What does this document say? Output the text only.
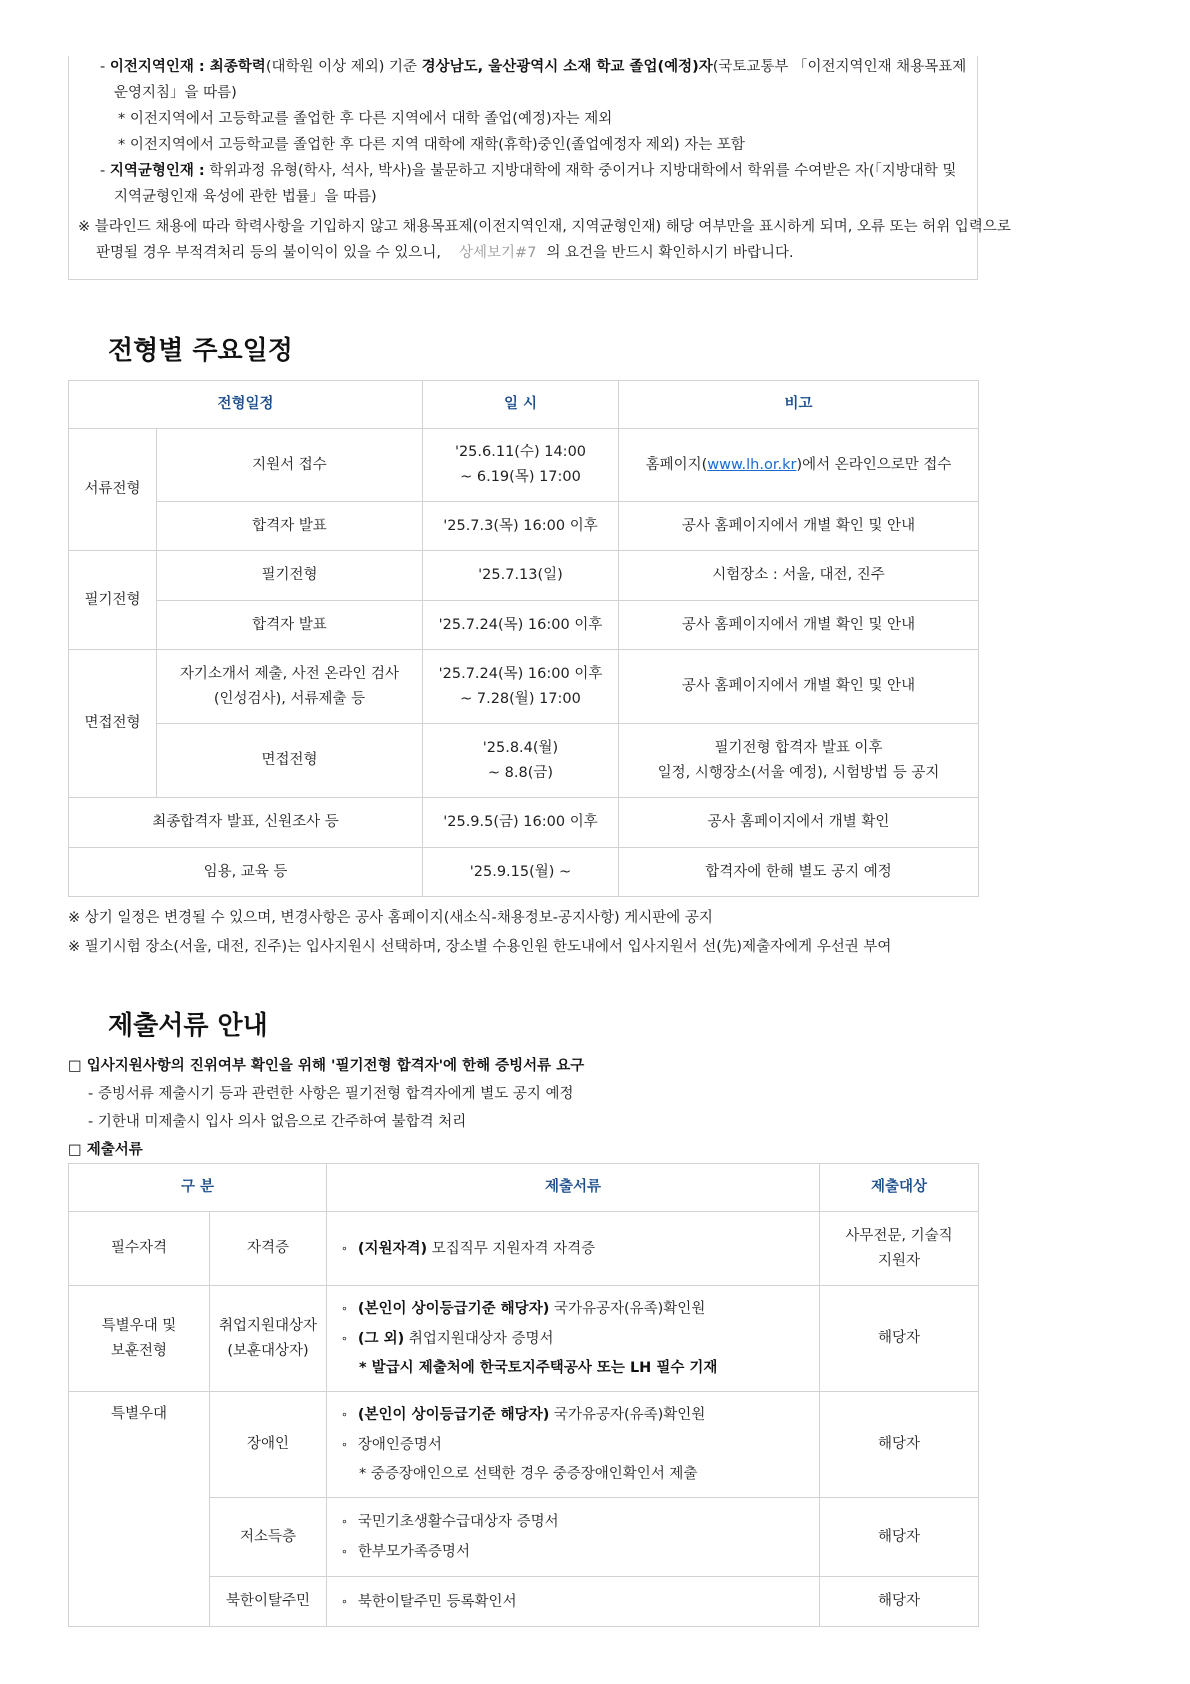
- 이전지역인재 : 최종학력(대학원 이상 제외) 기준 경상남도, 울산광역시 소재 학교 졸업(예정)자(국토교통부 「이전지역인재 채용목표제
운영지침」을 따름)
* 이전지역에서 고등학교를 졸업한 후 다른 지역에서 대학 졸업(예정)자는 제외
* 이전지역에서 고등학교를 졸업한 후 다른 지역 대학에 재학(휴학)중인(졸업예정자 제외) 자는 포함
- 지역균형인재 : 학위과정 유형(학사, 석사, 박사)을 불문하고 지방대학에 재학 중이거나 지방대학에서 학위를 수여받은 자(「지방대학 및
지역균형인재 육성에 관한 법률」을 따름)
※ 블라인드 채용에 따라 학력사항을 기입하지 않고 채용목표제(이전지역인재, 지역균형인재) 해당 여부만을 표시하게 되며, 오류 또는 허위 입력으로
판명될 경우 부적격처리 등의 불이익이 있을 수 있으니, 상세보기#7 의 요건을 반드시 확인하시기 바랍니다.
전형별 주요일정
전형일정		일 시	비고
서류전형	지원서 접수	'25.6.11(수) 14:00
~ 6.19(목) 17:00	홈페이지(www.lh.or.kr)에서 온라인으로만 접수
	합격자 발표	'25.7.3(목) 16:00 이후	공사 홈페이지에서 개별 확인 및 안내
필기전형	필기전형	'25.7.13(일)	시험장소 : 서울, 대전, 진주
	합격자 발표	'25.7.24(목) 16:00 이후	공사 홈페이지에서 개별 확인 및 안내
면접전형	자기소개서 제출, 사전 온라인 검사
(인성검사), 서류제출 등	'25.7.24(목) 16:00 이후
~ 7.28(월) 17:00	공사 홈페이지에서 개별 확인 및 안내
	면접전형	'25.8.4(월)
~ 8.8(금)	필기전형 합격자 발표 이후
일정, 시행장소(서울 예정), 시험방법 등 공지

최종합격자 발표, 신원조사 등		'25.9.5(금) 16:00 이후	공사 홈페이지에서 개별 확인
임용, 교육 등		'25.9.15(월) ~	합격자에 한해 별도 공지 예정
※ 상기 일정은 변경될 수 있으며, 변경사항은 공사 홈페이지(새소식-채용정보-공지사항) 게시판에 공지
※ 필기시험 장소(서울, 대전, 진주)는 입사지원시 선택하며, 장소별 수용인원 한도내에서 입사지원서 선(先)제출자에게 우선권 부여
제출서류 안내
□ 입사지원사항의 진위여부 확인을 위해 '필기전형 합격자'에 한해 증빙서류 요구
- 증빙서류 제출시기 등과 관련한 사항은 필기전형 합격자에게 별도 공지 예정
- 기한내 미제출시 입사 의사 없음으로 간주하여 불합격 처리
□ 제출서류
구 분		제출서류	제출대상
필수자격	자격증	∘ (지원자격) 모집직무 지원자격 자격증	사무전문, 기술직
지원자

특별우대 및
보훈전형	취업지원대상자
(보훈대상자)	∘ (본인이 상이등급기준 해당자) 국가유공자(유족)확인원
∘ (그 외) 취업지원대상자 증명서
* 발급시 제출처에 한국토지주택공사 또는 LH 필수 기재	해당자
특별우대	장애인	∘ (본인이 상이등급기준 해당자) 국가유공자(유족)확인원
∘ 장애인증명서
* 중증장애인으로 선택한 경우 중증장애인확인서 제출	해당자
	저소득층	∘ 국민기초생활수급대상자 증명서
∘ 한부모가족증명서	해당자
	북한이탈주민	∘ 북한이탈주민 등록확인서	해당자
